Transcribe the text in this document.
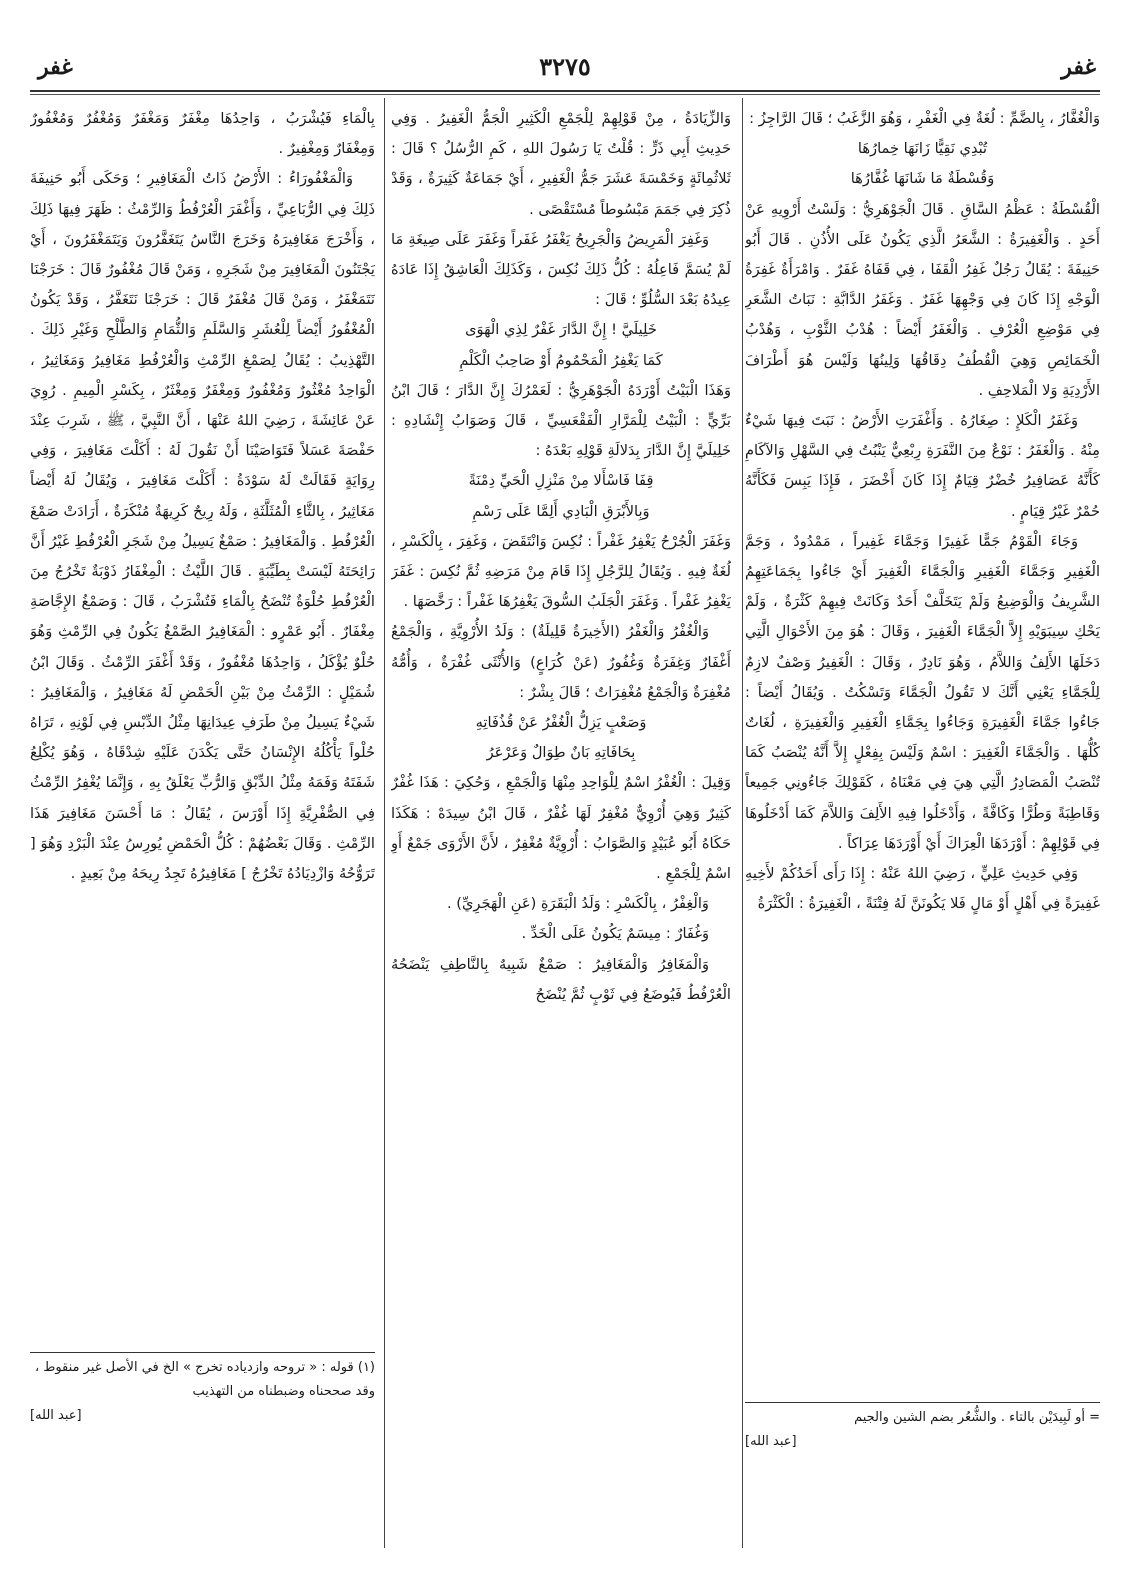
غفر
٣٢٧٥
غفر

وَالْغُفَّارُ ، بِالضَّمِّ : لُغَةٌ فِي الْغَفْرِ ، وَهُوَ الزَّغَبُ ؛ قَالَ الرَّاجِزُ :

تُبْدِي نَقِيًّا زَانَهَا خِمارُهَا

وَقُسْطَةٌ مَا شَانَهَا غُفَّارُهَا

الْقُسْطَةُ : عَظْمُ السَّاقِ . قَالَ الْجَوْهَرِيُّ : وَلَسْتُ أَرْوِيهِ عَنْ أَحَدٍ . وَالْغَفِيرَةُ : الشَّعَرُ الَّذِي يَكُونُ عَلَى الأُذُنِ . قَالَ أَبُو حَنِيفَةَ : يُقَالُ رَجُلٌ غَفِرُ الْقَفَا ، فِي قَفَاهُ غَفَرٌ . وَامْرَأَةٌ غَفِرَةُ الْوَجْهِ إِذَا كَانَ فِي وَجْهِهَا غَفَرٌ . وَغَفَرُ الدَّابَّةِ : نَبَاتُ الشَّعَرِ فِي مَوْضِعِ الْعُرْفِ . وَالْغَفَرُ أَيْضاً : هُدْبُ الثَّوْبِ ، وَهُدْبُ الْخَمَائِصِ وَهِيَ الْقُطُفُ دِقَاقُهَا وَلِينُهَا وَلَيْسَ هُوَ أَطْرَافَ الأَرْدِيَةِ وَلا الْمَلاحِفِ .

وَغَفَرُ الْكَلإِ : صِغَارُهُ . وَأَغْفَرَتِ الأَرْضُ : نَبَتَ فِيهَا شَيْءٌ مِنْهُ . وَالْغَفَرُ : نَوْعٌ مِنَ النَّفَرَةِ رِبْعِيٌّ يَنْبُتُ فِي السَّهْلِ وَالآكَامِ كَأَنَّهُ عَصَافِيرُ خُضْرٌ قِيَامٌ إِذَا كَانَ أَخْضَرَ ، فَإِذَا يَبِسَ فَكَأَنَّهُ حُمْرٌ غَيْرُ قِيَامٍ .

وَجَاءَ الْقَوْمُ جَمًّا غَفِيرًا وَجَمَّاءَ غَفِيراً ، مَمْدُودٌ ، وَجَمَّ الْغَفِيرِ وَجَمَّاءَ الْغَفِيرِ وَالْجَمَّاءَ الْغَفِيرَ أَيْ جَاءُوا بِجَمَاعَتِهِمُ الشَّرِيفُ وَالْوَضِيعُ وَلَمْ يَتَخَلَّفْ أَحَدٌ وَكَانَتْ فِيهِمْ كَثْرَةٌ ، وَلَمْ يَحْكِ سِيبَوَيْهِ إِلاَّ الْجَمَّاءَ الْغَفِيرَ ، وَقَالَ : هُوَ مِنَ الأَحْوَالِ الَّتِي دَخَلَهَا الأَلِفُ وَاللاَّمُ ، وَهُوَ نَادِرٌ ، وَقَالَ : الْغَفِيرُ وَصْفٌ لازِمٌ لِلْجَمَّاءِ يَعْنِي أَنَّكَ لا تَقُولُ الْجَمَّاءَ وَتَسْكُتُ . وَيُقَالُ أَيْضاً : جَاءُوا جَمَّاءَ الْغَفِيرَةِ وَجَاءُوا بِجَمَّاءِ الْغَفِيرِ وَالْغَفِيرَةِ ، لُغَاتٌ كُلُّهَا . وَالْجَمَّاءَ الْغَفِيرَ : اسْمٌ وَلَيْسَ بِفِعْلٍ إِلاَّ أَنَّهُ يُنْصَبُ كَمَا تُنْصَبُ الْمَصَادِرُ الَّتِي هِيَ فِي مَعْنَاهُ ، كَقَوْلِكَ جَاءُونِي جَمِيعاً وَقَاطِبَةً وَطُرًّا وَكَافَّةً ، وَأَدْخَلُوا فِيهِ الأَلِفَ وَاللاَّمَ كَمَا أَدْخَلُوهَا فِي قَوْلِهِمْ : أَوْرَدَهَا الْعِرَاكَ أَيْ أَوْرَدَهَا عِرَاكاً .

وَفِي حَدِيثِ عَلِيٍّ ، رَضِيَ اللهُ عَنْهُ : إِذَا رَأَى أَحَدُكُمْ لأَخِيهِ غَفِيرَةً فِي أَهْلٍ أَوْ مَالٍ فَلا يَكُونَنَّ لَهُ فِتْنَةً ، الْغَفِيرَةُ : الْكَثْرَةُ

وَالزِّيَادَةُ ، مِنْ قَوْلِهِمْ لِلْجَمْعِ الْكَثِيرِ الْجَمُّ الْغَفِيرُ . وَفِي حَدِيثِ أَبِي ذَرٍّ : قُلْتُ يَا رَسُولَ اللهِ ، كَمِ الرُّسُلُ ؟ قَالَ : ثَلاثُمِائَةٍ وَخَمْسَةَ عَشَرَ جَمُّ الْغَفِيرِ ، أَيْ جَمَاعَةٌ كَثِيرَةٌ ، وَقَدْ ذُكِرَ فِي جَمَمَ مَبْسُوطاً مُسْتَقْصًى .

وَغَفِرَ الْمَرِيضُ وَالْجَرِيحُ يَغْفَرُ غَفَراً وَغَفَرَ عَلَى صِيغَةِ مَا لَمْ يُسَمَّ فَاعِلُهُ : كُلُّ ذَلِكَ نُكِسَ ، وَكَذَلِكَ الْعَاشِقُ إِذَا عَادَهُ عِيدُهُ بَعْدَ السُّلُوِّ ؛ قَالَ :

خَلِيلَيَّ ! إِنَّ الدَّارَ غَفْرٌ لِذِي الْهَوَى

كَمَا يَغْفِرُ الْمَحْمُومُ أَوْ صَاحِبُ الْكَلْمِ

وَهَذَا الْبَيْتُ أَوْرَدَهُ الْجَوْهَرِيُّ : لَعَمْرُكَ إِنَّ الدَّارَ ؛ قَالَ ابْنُ بَرِّيٍّ : الْبَيْتُ لِلْمَرَّارِ الْفَقْعَسِيِّ ، قَالَ وَصَوَابُ إِنْشَادِهِ : خَلِيلَيَّ إِنَّ الدَّارَ بِدَلالَةِ قَوْلِهِ بَعْدَهُ :

قِفَا فَاسْأَلا مِنْ مَنْزِلِ الْحَيِّ دِمْنَةً

وَبِالأَبْرَقِ الْبَادِي أَلِمَّا عَلَى رَسْمِ

وَغَفَرَ الْجُرْحُ يَغْفِرُ غَفْراً : نُكِسَ وَانْتَقَضَ ، وَغَفِرَ ، بِالْكَسْرِ ، لُغَةٌ فِيهِ . وَيُقَالُ لِلرَّجُلِ إِذَا قَامَ مِنْ مَرَضِهِ ثُمَّ نُكِسَ : غَفَرَ يَغْفِرُ غَفْراً . وَغَفَرَ الْجَلَبُ السُّوقَ يَغْفِرُهَا غَفْراً : رَخَّصَهَا .

وَالْغُفْرُ وَالْغَفْرُ (الأَخِيرَةُ قَلِيلَةٌ) : وَلَدُ الأُرْوِيَّةِ ، وَالْجَمْعُ أَغْفَارٌ وَغِفَرَةٌ وَغُفُورٌ (عَنْ كُرَاعٍ) وَالأُنْثَى غُفْرَةٌ ، وَأُمُّهُ مُغْفِرَةٌ وَالْجَمْعُ مُغْفِرَاتٌ ؛ قَالَ بِشْرٌ :

وَصَعْبٍ يَزِلُّ الْغُفْرُ عَنْ قُذُفَاتِهِ

بِحَافَاتِهِ بَانٌ طِوَالٌ وَعَرْعَرُ

وَقِيلَ : الْغُفْرُ اسْمٌ لِلْوَاحِدِ مِنْهَا وَالْجَمْعِ ، وَحُكِيَ : هَذَا غُفْرٌ كَثِيرٌ وَهِيَ أُرْوِيٌّ مُغْفِرٌ لَهَا غُفْرٌ ، قَالَ ابْنُ سِيدَهْ : هَكَذَا حَكَاهُ أَبُو عُبَيْدٍ وَالصَّوَابُ : أُرْوِيَّةٌ مُغْفِرٌ ، لأَنَّ الأَرْوَى جَمْعٌ أَوِ اسْمٌ لِلْجَمْعِ .

وَالْغِفْرُ ، بِالْكَسْرِ : وَلَدُ الْبَقَرَةِ (عَنِ الْهَجَرِيِّ) .

وَغُفَارٌ : مِيسَمٌ يَكُونُ عَلَى الْخَدِّ .

وَالْمَغَافِرُ وَالْمَغَافِيرُ : صَمْغٌ شَبِيهٌ بِالنَّاطِفِ يَنْضَحُهُ الْعُرْفُطُ فَيُوضَعُ فِي ثَوْبٍ ثُمَّ يُنْضَحُ

بِالْمَاءِ فَيُشْرَبُ ، وَاحِدُهَا مِغْفَرٌ وَمَغْفَرٌ وَمُغْفُرٌ وَمُغْفُورٌ وَمِغْفَارٌ وَمِغْفِيرٌ .

وَالْمَغْفُورَاءُ : الأَرْضُ ذَاتُ الْمَغَافِيرِ ؛ وَحَكَى أَبُو حَنِيفَةَ ذَلِكَ فِي الرُّبَاعِيِّ ، وَأَغْفَرَ الْعُرْفُطُ وَالرِّمْثُ : ظَهَرَ فِيهَا ذَلِكَ ، وَأَخْرَجَ مَغَافِيرَهُ وَخَرَجَ النَّاسُ يَتَغَفَّرُونَ وَيَتَمَغْفَرُونَ ، أَيْ يَجْتَنُونَ الْمَغَافِيرَ مِنْ شَجَرِهِ ، وَمَنْ قَالَ مُغْفُورٌ قَالَ : خَرَجْنَا نَتَمَغْفَرُ ، وَمَنْ قَالَ مُغْفَرٌ قَالَ : خَرَجْنَا نَتَغَفَّرُ ، وَقَدْ يَكُونُ الْمُغْفُورُ أَيْضاً لِلْعُشَرِ وَالسَّلَمِ وَالثُّمَامِ وَالطَّلْحِ وَغَيْرِ ذَلِكَ . التَّهْذِيبُ : يُقَالُ لِصَمْغِ الرِّمْثِ وَالْعُرْفُطِ مَغَافِيرُ وَمَغَاثِيرُ ، الْوَاحِدُ مُغْثُورٌ وَمُغْفُورٌ وَمِغْفَرٌ وَمِغْثَرٌ ، بِكَسْرِ الْمِيمِ . رُوِيَ عَنْ عَائِشَةَ ، رَضِيَ اللهُ عَنْهَا ، أَنَّ النَّبِيَّ ، ﷺ ، شَرِبَ عِنْدَ حَفْصَةَ عَسَلاً فَتَوَاصَيْنَا أَنْ نَقُولَ لَهُ : أَكَلْتَ مَغَافِيرَ ، وَفِي رِوَايَةٍ فَقَالَتْ لَهُ سَوْدَةُ : أَكَلْتَ مَغَافِيرَ ، وَيُقَالُ لَهُ أَيْضاً مَغَاثِيرُ ، بِالثَّاءِ الْمُثَلَّثَةِ ، وَلَهُ رِيحٌ كَرِيهَةٌ مُنْكَرَةٌ ، أَرَادَتْ صَمْغَ الْعُرْفُطِ . وَالْمَغَافِيرُ : صَمْغٌ يَسِيلُ مِنْ شَجَرِ الْعُرْفُطِ غَيْرُ أَنَّ رَائِحَتَهُ لَيْسَتْ بِطَيِّبَةٍ . قَالَ اللَّيْثُ : الْمِغْفَارُ ذَوْبَةٌ تَخْرُجُ مِنَ الْعُرْفُطِ حُلْوَةٌ تُنْضَحُ بِالْمَاءِ فَتُشْرَبُ ، قَالَ : وَصَمْغُ الإِجَّاصَةِ مِغْفَارٌ . أَبُو عَمْرٍو : الْمَغَافِيرُ الصَّمْغُ يَكُونُ فِي الرِّمْثِ وَهُوَ حُلْوٌ يُؤْكَلُ ، وَاحِدُهَا مُغْفُورٌ ، وَقَدْ أَغْفَرَ الرِّمْثُ . وَقَالَ ابْنُ شُمَيْلٍ : الرِّمْثُ مِنْ بَيْنِ الْحَمْضِ لَهُ مَغَافِيرُ ، وَالْمَغَافِيرُ : شَيْءٌ يَسِيلُ مِنْ طَرَفِ عِيدَانِهَا مِثْلُ الدِّبْسِ فِي لَوْنِهِ ، تَرَاهُ حُلْواً يَأْكُلُهُ الإِنْسَانُ حَتَّى يَكْدَنَ عَلَيْهِ شِدْقَاهُ ، وَهُوَ يُكْلِعُ شَفَتَهُ وَفَمَهُ مِثْلُ الدِّبْقِ وَالرُّبِّ يَعْلَقُ بِهِ ، وَإِنَّمَا يُغْفِرُ الرِّمْثُ فِي الصُّفْرِيَّةِ إِذَا أَوْرَسَ ، يُقَالُ : مَا أَحْسَنَ مَغَافِيرَ هَذَا الرِّمْثِ . وَقَالَ بَعْضُهُمْ : كُلُّ الْحَمْضِ يُورِسُ عِنْدَ الْبَرْدِ وَهُوَ [ تَرَوُّحُهُ وَازْدِيَادُهُ تَخْرُجُ ] مَغَافِيرُهُ تَجِدُ رِيحَهُ مِنْ بَعِيدٍ .

= أو لَبِيدَيْن بالتاء . والشُّعُر بضم الشين والجيم
[عبد الله]
(١) قوله : « تروحه وازدياده تخرج » الخ في الأصل غير منقوط ، وقد صححناه وضبطناه من التهذيب
[عبد الله]
